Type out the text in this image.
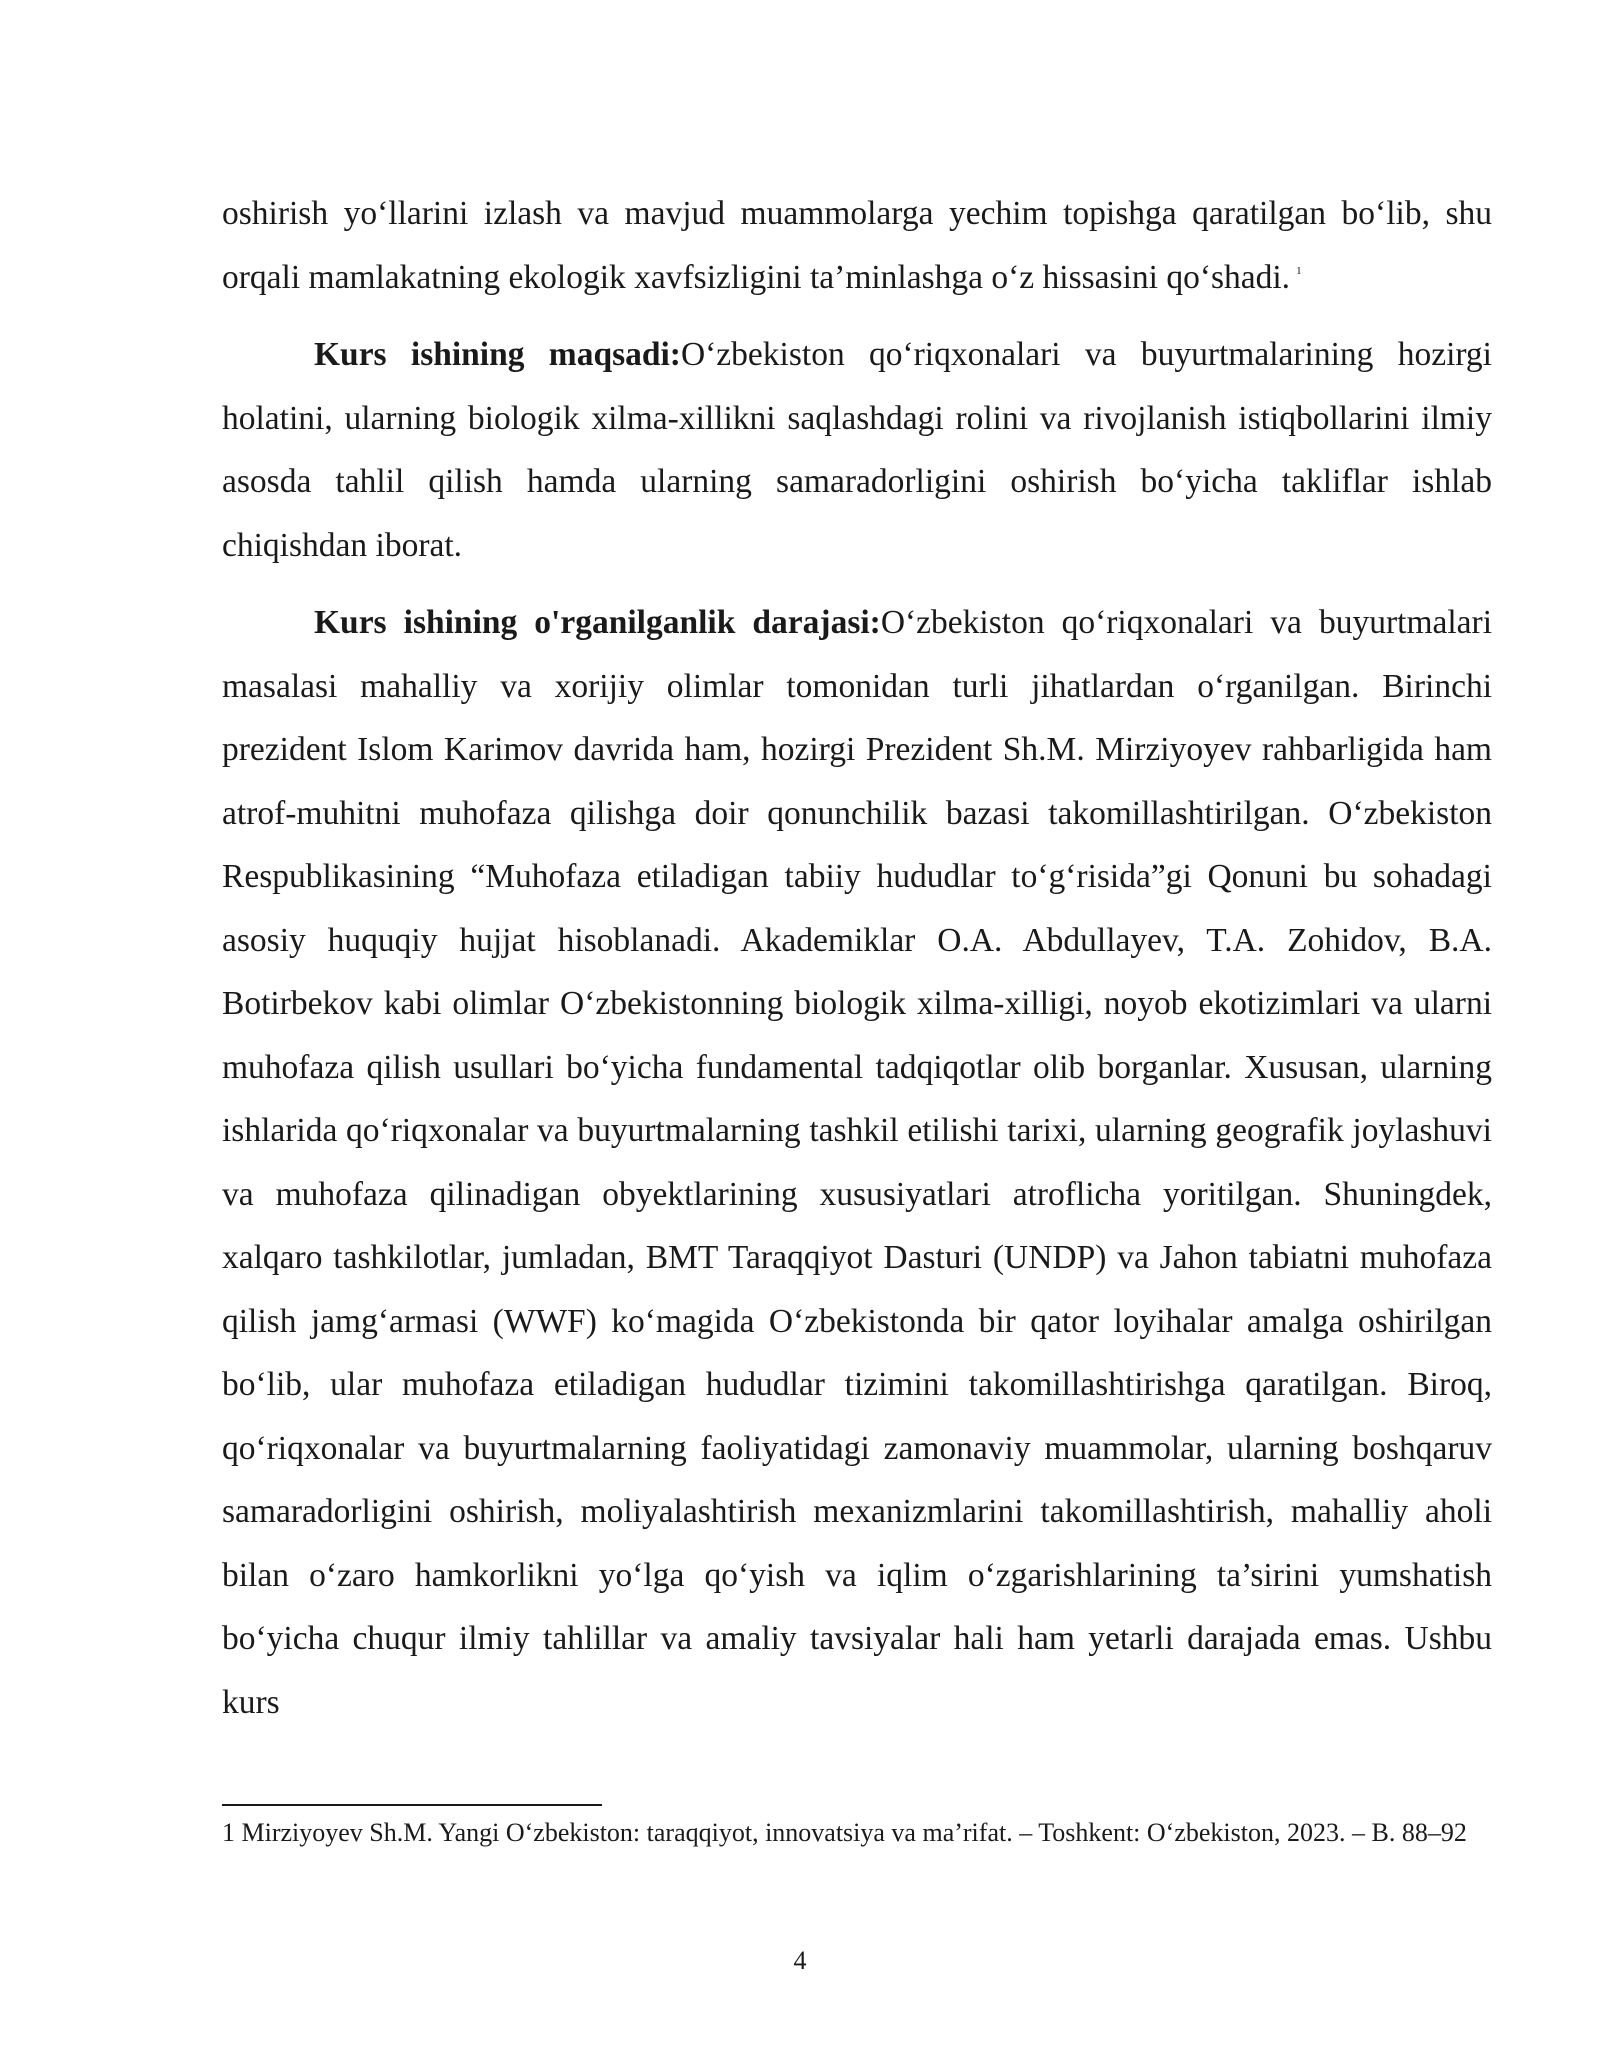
oshirish yo‘llarini izlash va mavjud muammolarga yechim topishga qaratilgan bo‘lib, shu orqali mamlakatning ekologik xavfsizligini ta’minlashga o‘z hissasini qo‘shadi. $^1$

Kurs ishining maqsadi:O‘zbekiston qo‘riqxonalari va buyurtmalarining hozirgi holatini, ularning biologik xilma-xillikni saqlashdagi rolini va rivojlanish istiqbollarini ilmiy asosda tahlil qilish hamda ularning samaradorligini oshirish bo‘yicha takliflar ishlab chiqishdan iborat.

Kurs ishining o'rganilganlik darajasi:O‘zbekiston qo‘riqxonalari va buyurtmalari masalasi mahalliy va xorijiy olimlar tomonidan turli jihatlardan o‘rganilgan. Birinchi prezident Islom Karimov davrida ham, hozirgi Prezident Sh.M. Mirziyoyev rahbarligida ham atrof-muhitni muhofaza qilishga doir qonunchilik bazasi takomillashtirilgan. O‘zbekiston Respublikasining “Muhofaza etiladigan tabiiy hududlar to‘g‘risida”gi Qonuni bu sohadagi asosiy huquqiy hujjat hisoblanadi. Akademiklar O.A. Abdullayev, T.A. Zohidov, B.A. Botirbekov kabi olimlar O‘zbekistonning biologik xilma-xilligi, noyob ekotizimlari va ularni muhofaza qilish usullari bo‘yicha fundamental tadqiqotlar olib borganlar. Xususan, ularning ishlarida qo‘riqxonalar va buyurtmalarning tashkil etilishi tarixi, ularning geografik joylashuvi va muhofaza qilinadigan obyektlarining xususiyatlari atroflicha yoritilgan. Shuningdek, xalqaro tashkilotlar, jumladan, BMT Taraqqiyot Dasturi (UNDP) va Jahon tabiatni muhofaza qilish jamg‘armasi (WWF) ko‘magida O‘zbekistonda bir qator loyihalar amalga oshirilgan bo‘lib, ular muhofaza etiladigan hududlar tizimini takomillashtirishga qaratilgan. Biroq, qo‘riqxonalar va buyurtmalarning faoliyatidagi zamonaviy muammolar, ularning boshqaruv samaradorligini oshirish, moliyalashtirish mexanizmlarini takomillashtirish, mahalliy aholi bilan o‘zaro hamkorlikni yo‘lga qo‘yish va iqlim o‘zgarishlarining ta’sirini yumshatish bo‘yicha chuqur ilmiy tahlillar va amaliy tavsiyalar hali ham yetarli darajada emas. Ushbu kurs

1 Mirziyoyev Sh.M. Yangi O‘zbekiston: taraqqiyot, innovatsiya va ma’rifat. – Toshkent: O‘zbekiston, 2023. – B. 88–92
4
